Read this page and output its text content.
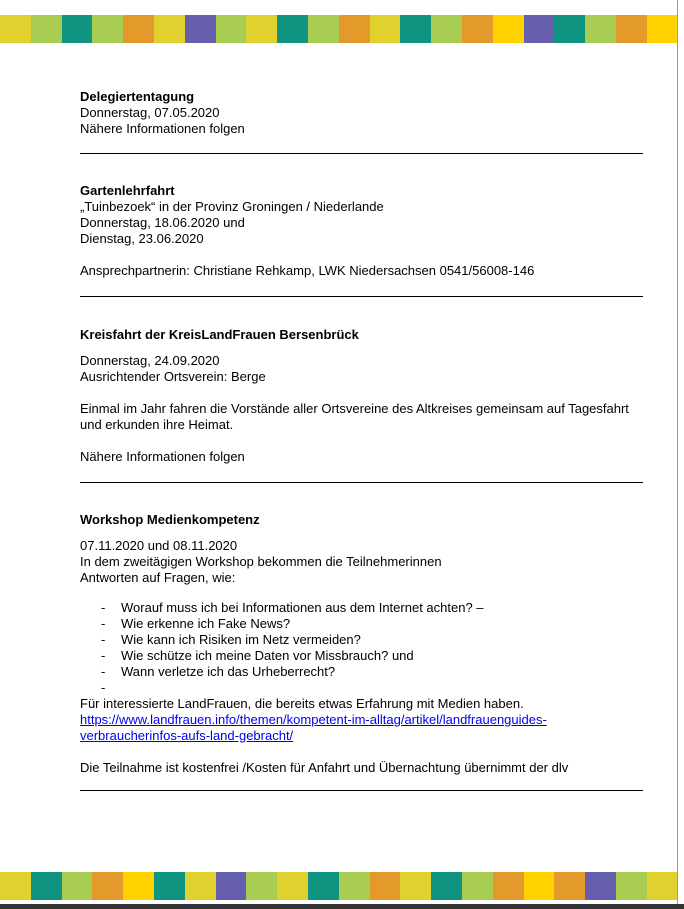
Delegiertentagung
Donnerstag, 07.05.2020
Nähere Informationen folgen
Gartenlehrfahrt
„Tuinbezoek“ in der Provinz Groningen / Niederlande
Donnerstag, 18.06.2020 und
Dienstag, 23.06.2020
Ansprechpartnerin: Christiane Rehkamp, LWK Niedersachsen 0541/56008-146
Kreisfahrt der KreisLandFrauen Bersenbrück
Donnerstag, 24.09.2020
Ausrichtender Ortsverein: Berge
Einmal im Jahr fahren die Vorstände aller Ortsvereine des Altkreises gemeinsam auf Tagesfahrt und erkunden ihre Heimat.
Nähere Informationen folgen
Workshop Medienkompetenz
07.11.2020 und 08.11.2020
In dem zweitägigen Workshop bekommen die Teilnehmerinnen
Antworten auf Fragen, wie:
- Worauf muss ich bei Informationen aus dem Internet achten? –
- Wie erkenne ich Fake News?
- Wie kann ich Risiken im Netz vermeiden?
- Wie schütze ich meine Daten vor Missbrauch? und
- Wann verletze ich das Urheberrecht?
-
Für interessierte LandFrauen, die bereits etwas Erfahrung mit Medien haben.
https://www.landfrauen.info/themen/kompetent-im-alltag/artikel/landfrauenguides-
verbraucherinfos-aufs-land-gebracht/
Die Teilnahme ist kostenfrei /Kosten für Anfahrt und Übernachtung übernimmt der dlv
